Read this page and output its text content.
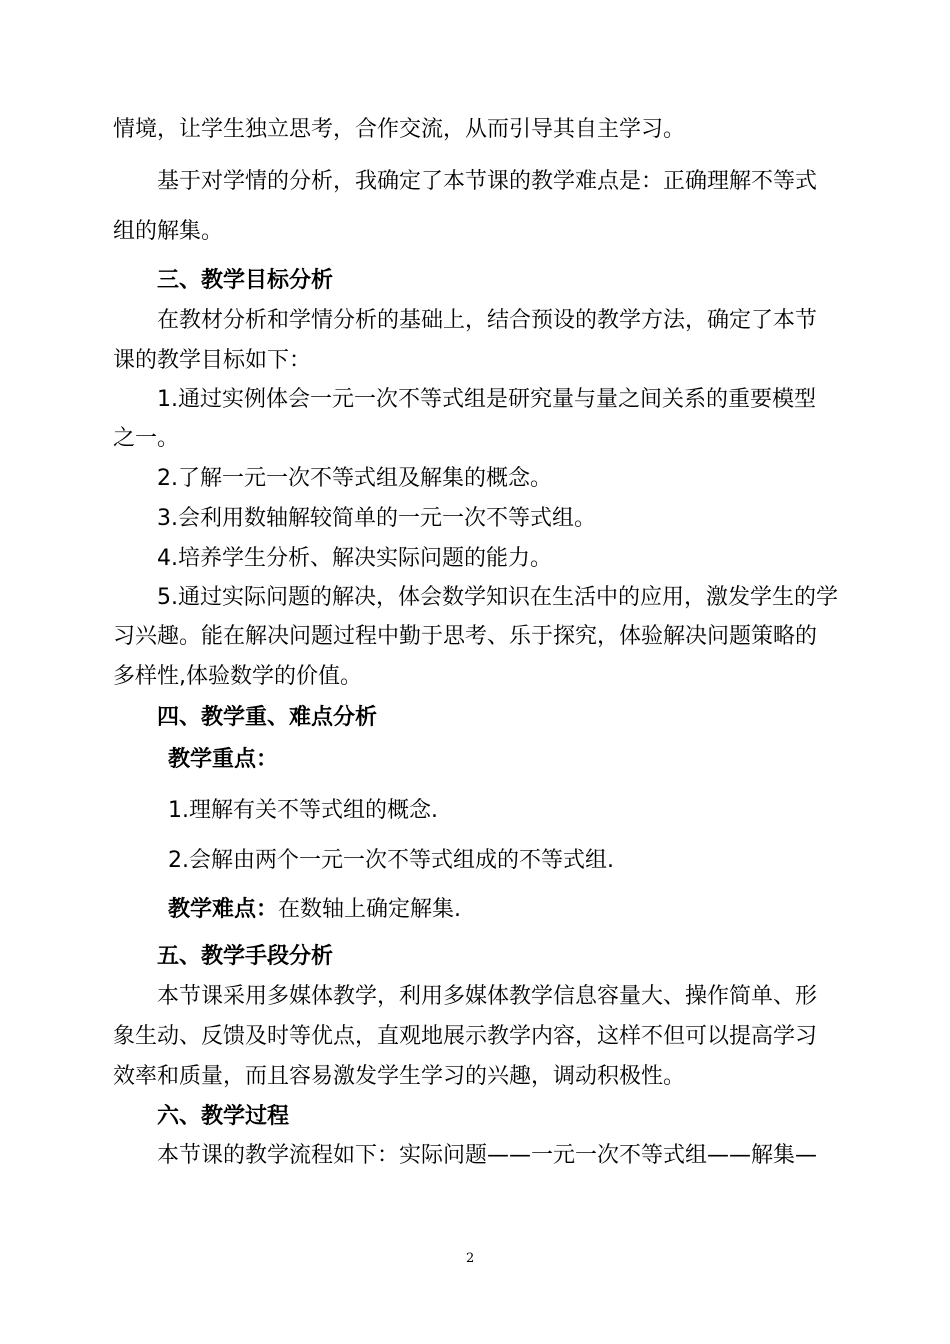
情境，让学生独立思考，合作交流，从而引导其自主学习。
基于对学情的分析，我确定了本节课的教学难点是：正确理解不等式
组的解集。
三、教学目标分析
在教材分析和学情分析的基础上，结合预设的教学方法，确定了本节
课的教学目标如下：
1.通过实例体会一元一次不等式组是研究量与量之间关系的重要模型
之一。
2.了解一元一次不等式组及解集的概念。
3.会利用数轴解较简单的一元一次不等式组。
4.培养学生分析、解决实际问题的能力。
5.通过实际问题的解决，体会数学知识在生活中的应用，激发学生的学
习兴趣。能在解决问题过程中勤于思考、乐于探究，体验解决问题策略的
多样性,体验数学的价值。
四、教学重、难点分析
教学重点：
1.理解有关不等式组的概念.
2.会解由两个一元一次不等式组成的不等式组.
教学难点：在数轴上确定解集.
五、教学手段分析
本节课采用多媒体教学，利用多媒体教学信息容量大、操作简单、形
象生动、反馈及时等优点，直观地展示教学内容，这样不但可以提高学习
效率和质量，而且容易激发学生学习的兴趣，调动积极性。
六、教学过程
本节课的教学流程如下：实际问题——一元一次不等式组——解集—
2
